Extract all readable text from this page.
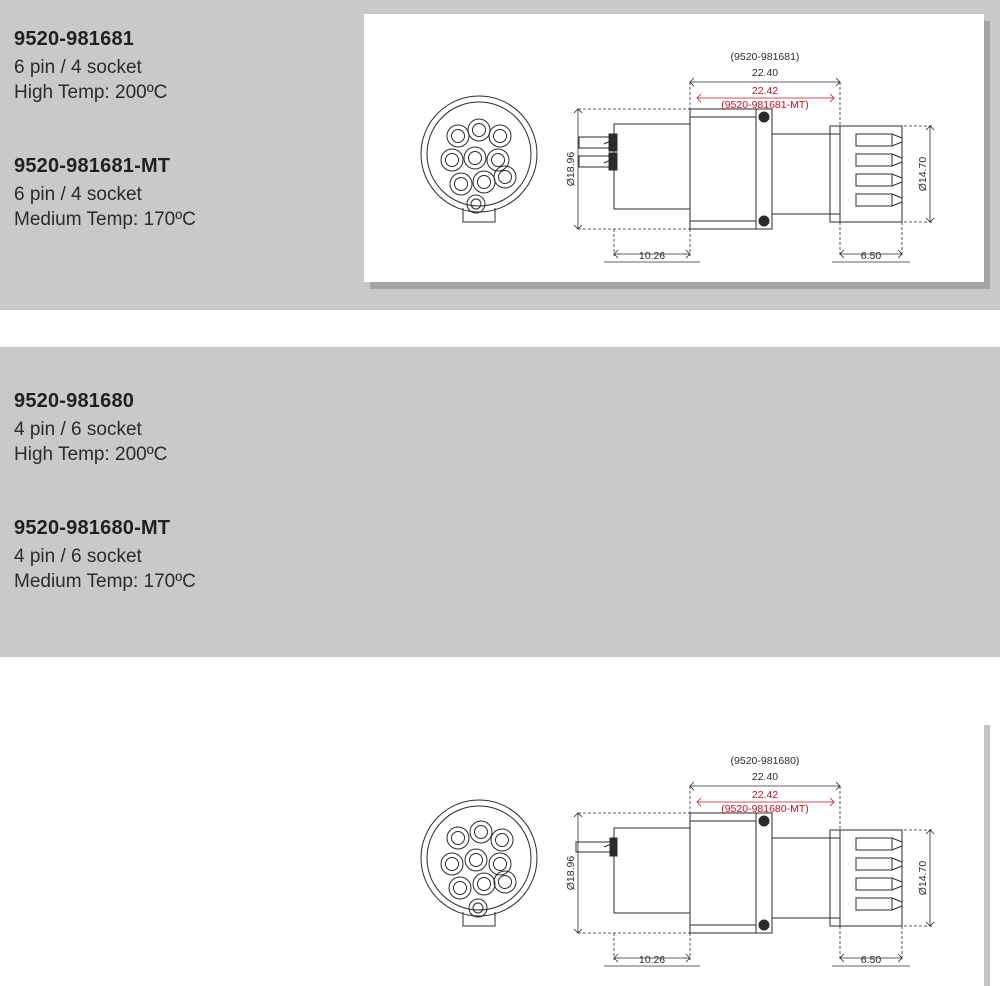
9520-981681
6 pin / 4 socket
High Temp: 200ºC
9520-981681-MT
6 pin / 4 socket
Medium Temp: 170ºC
(9520-981681)
22.40
22.42
(9520-981681-MT)
Ø18.96	Ø14.70
10.26	6.50
9520-981680
4 pin / 6 socket
High Temp: 200ºC
9520-981680-MT
4 pin / 6 socket
Medium Temp: 170ºC
(9520-981680)
22.40
22.42
(9520-981680-MT)
Ø18.96	Ø14.70
10.26	6.50
